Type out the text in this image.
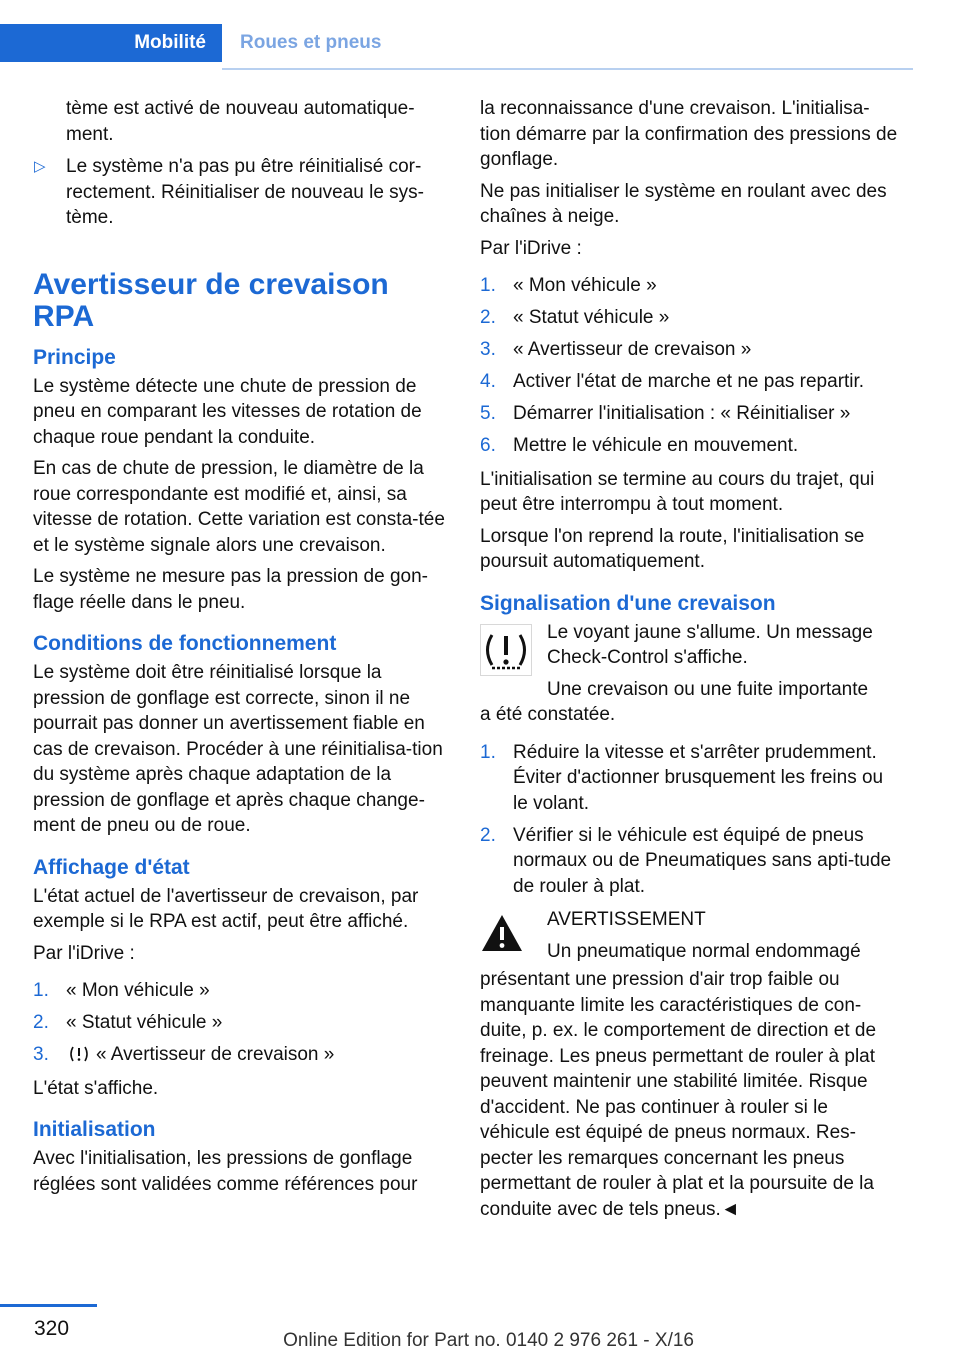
Mobilité	Roues et pneus

tème est activé de nouveau automatique-ment.

▷ Le système n'a pas pu être réinitialisé cor-rectement. Réinitialiser de nouveau le sys-tème.
Avertisseur de crevaison RPA
Principe

Le système détecte une chute de pression de pneu en comparant les vitesses de rotation de chaque roue pendant la conduite.

En cas de chute de pression, le diamètre de la roue correspondante est modifié et, ainsi, sa vitesse de rotation. Cette variation est consta-tée et le système signale alors une crevaison.

Le système ne mesure pas la pression de gon-flage réelle dans le pneu.

Conditions de fonctionnement

Le système doit être réinitialisé lorsque la pression de gonflage est correcte, sinon il ne pourrait pas donner un avertissement fiable en cas de crevaison. Procéder à une réinitialisa-tion du système après chaque adaptation de la pression de gonflage et après chaque change-ment de pneu ou de roue.

Affichage d'état

L'état actuel de l'avertisseur de crevaison, par exemple si le RPA est actif, peut être affiché.

Par l'iDrive :

1. « Mon véhicule »
2. « Statut véhicule »
3. « Avertisseur de crevaison »

L'état s'affiche.

Initialisation

Avec l'initialisation, les pressions de gonflage réglées sont validées comme références pour

la reconnaissance d'une crevaison. L'initialisa-tion démarre par la confirmation des pressions de gonflage.

Ne pas initialiser le système en roulant avec des chaînes à neige.

Par l'iDrive :

1. « Mon véhicule »
2. « Statut véhicule »
3. « Avertisseur de crevaison »
4. Activer l'état de marche et ne pas repartir.
5. Démarrer l'initialisation : « Réinitialiser »
6. Mettre le véhicule en mouvement.

L'initialisation se termine au cours du trajet, qui peut être interrompu à tout moment.

Lorsque l'on reprend la route, l'initialisation se poursuit automatiquement.

Signalisation d'une crevaison

Le voyant jaune s'allume. Un message Check-Control s'affiche.

Une crevaison ou une fuite importante

a été constatée.

1. Réduire la vitesse et s'arrêter prudemment. Éviter d'actionner brusquement les freins ou le volant.
2. Vérifier si le véhicule est équipé de pneus normaux ou de Pneumatiques sans apti-tude de rouler à plat.

AVERTISSEMENT

Un pneumatique normal endommagé

présentant une pression d'air trop faible ou manquante limite les caractéristiques de con-duite, p. ex. le comportement de direction et de freinage. Les pneus permettant de rouler à plat peuvent maintenir une stabilité limitée. Risque d'accident. Ne pas continuer à rouler si le véhicule est équipé de pneus normaux. Res-pecter les remarques concernant les pneus permettant de rouler à plat et la poursuite de la conduite avec de tels pneus.◄

320
Online Edition for Part no. 0140 2 976 261 - X/16
